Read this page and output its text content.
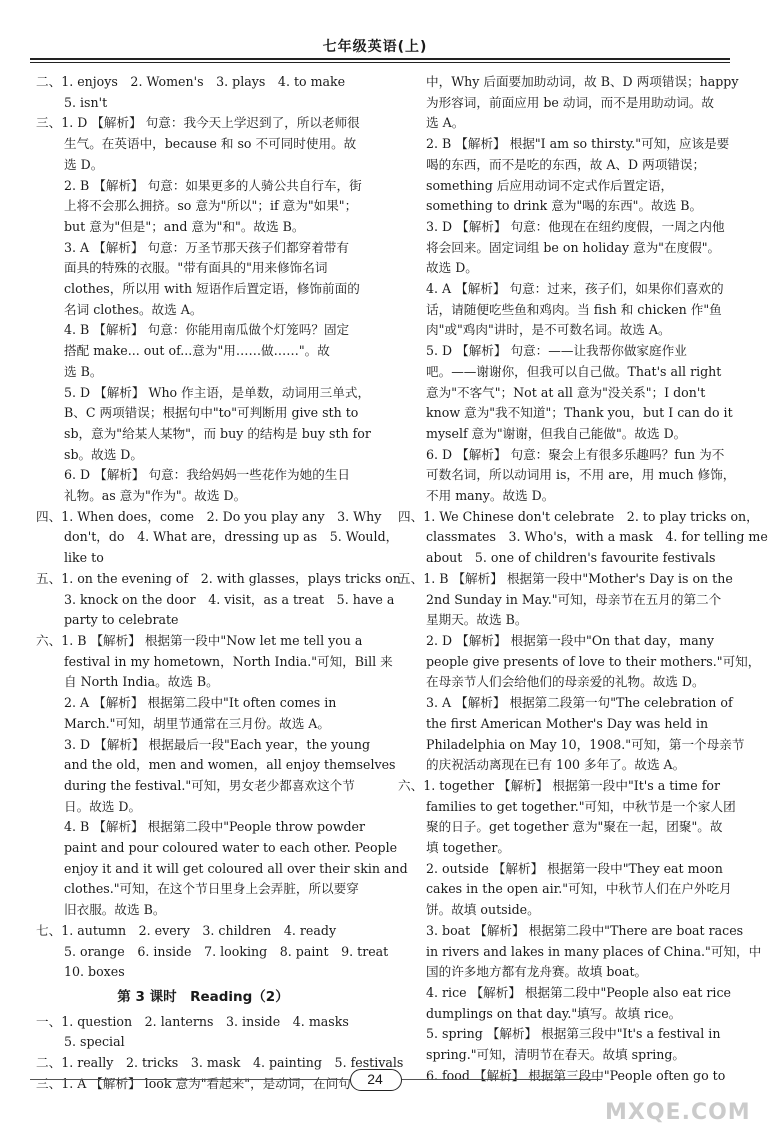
七年级英语(上)
二、1. enjoys　2. Women's　3. plays　4. to make
5. isn't
三、1. D 【解析】 句意：我今天上学迟到了，所以老师很
生气。在英语中，because 和 so 不可同时使用。故
选 D。
2. B 【解析】 句意：如果更多的人骑公共自行车，街
上将不会那么拥挤。so 意为"所以"；if 意为"如果"；
but 意为"但是"；and 意为"和"。故选 B。
3. A 【解析】 句意：万圣节那天孩子们都穿着带有
面具的特殊的衣服。"带有面具的"用来修饰名词
clothes，所以用 with 短语作后置定语，修饰前面的
名词 clothes。故选 A。
4. B 【解析】 句意：你能用南瓜做个灯笼吗？固定
搭配 make... out of...意为"用……做……"。故
选 B。
5. D 【解析】 Who 作主语，是单数，动词用三单式，
B、C 两项错误；根据句中"to"可判断用 give sth to
sb，意为"给某人某物"，而 buy 的结构是 buy sth for
sb。故选 D。
6. D 【解析】 句意：我给妈妈一些花作为她的生日
礼物。as 意为"作为"。故选 D。
四、1. When does，come　2. Do you play any　3. Why
don't，do　4. What are，dressing up as　5. Would，
like to
五、1. on the evening of　2. with glasses，plays tricks on
3. knock on the door　4. visit，as a treat　5. have a
party to celebrate
六、1. B 【解析】 根据第一段中"Now let me tell you a
festival in my hometown，North India."可知，Bill 来
自 North India。故选 B。
2. A 【解析】 根据第二段中"It often comes in
March."可知，胡里节通常在三月份。故选 A。
3. D 【解析】 根据最后一段"Each year，the young
and the old，men and women，all enjoy themselves
during the festival."可知，男女老少都喜欢这个节
日。故选 D。
4. B 【解析】 根据第二段中"People throw powder
paint and pour coloured water to each other. People
enjoy it and it will get coloured all over their skin and
clothes."可知，在这个节日里身上会弄脏，所以要穿
旧衣服。故选 B。
七、1. autumn　2. every　3. children　4. ready
5. orange　6. inside　7. looking　8. paint　9. treat
10. boxes
第 3 课时　Reading（2）
一、1. question　2. lanterns　3. inside　4. masks
5. special
二、1. really　2. tricks　3. mask　4. painting　5. festivals
三、1. A 【解析】 look 意为"看起来"，是动词，在问句
中，Why 后面要加助动词，故 B、D 两项错误；happy
为形容词，前面应用 be 动词，而不是用助动词。故
选 A。
2. B 【解析】 根据"I am so thirsty."可知，应该是要
喝的东西，而不是吃的东西，故 A、D 两项错误；
something 后应用动词不定式作后置定语，
something to drink 意为"喝的东西"。故选 B。
3. D 【解析】 句意：他现在在纽约度假，一周之内他
将会回来。固定词组 be on holiday 意为"在度假"。
故选 D。
4. A 【解析】 句意：过来，孩子们，如果你们喜欢的
话，请随便吃些鱼和鸡肉。当 fish 和 chicken 作"鱼
肉"或"鸡肉"讲时，是不可数名词。故选 A。
5. D 【解析】 句意：——让我帮你做家庭作业
吧。——谢谢你，但我可以自己做。That's all right
意为"不客气"；Not at all 意为"没关系"；I don't
know 意为"我不知道"；Thank you，but I can do it
myself 意为"谢谢，但我自己能做"。故选 D。
6. D 【解析】 句意：聚会上有很多乐趣吗？fun 为不
可数名词，所以动词用 is，不用 are，用 much 修饰，
不用 many。故选 D。
四、1. We Chinese don't celebrate　2. to play tricks on，
classmates　3. Who's，with a mask　4. for telling me
about　5. one of children's favourite festivals
五、1. B 【解析】 根据第一段中"Mother's Day is on the
2nd Sunday in May."可知，母亲节在五月的第二个
星期天。故选 B。
2. D 【解析】 根据第一段中"On that day，many
people give presents of love to their mothers."可知，
在母亲节人们会给他们的母亲爱的礼物。故选 D。
3. A 【解析】 根据第二段第一句"The celebration of
the first American Mother's Day was held in
Philadelphia on May 10，1908."可知，第一个母亲节
的庆祝活动离现在已有 100 多年了。故选 A。
六、1. together 【解析】 根据第一段中"It's a time for
families to get together."可知，中秋节是一个家人团
聚的日子。get together 意为"聚在一起，团聚"。故
填 together。
2. outside 【解析】 根据第一段中"They eat moon
cakes in the open air."可知，中秋节人们在户外吃月
饼。故填 outside。
3. boat 【解析】 根据第二段中"There are boat races
in rivers and lakes in many places of China."可知，中
国的许多地方都有龙舟赛。故填 boat。
4. rice 【解析】 根据第二段中"People also eat rice
dumplings on that day."填写。故填 rice。
5. spring 【解析】 根据第三段中"It's a festival in
spring."可知，清明节在春天。故填 spring。
6. food 【解析】 根据第三段中"People often go to
24
MXQE.COM
